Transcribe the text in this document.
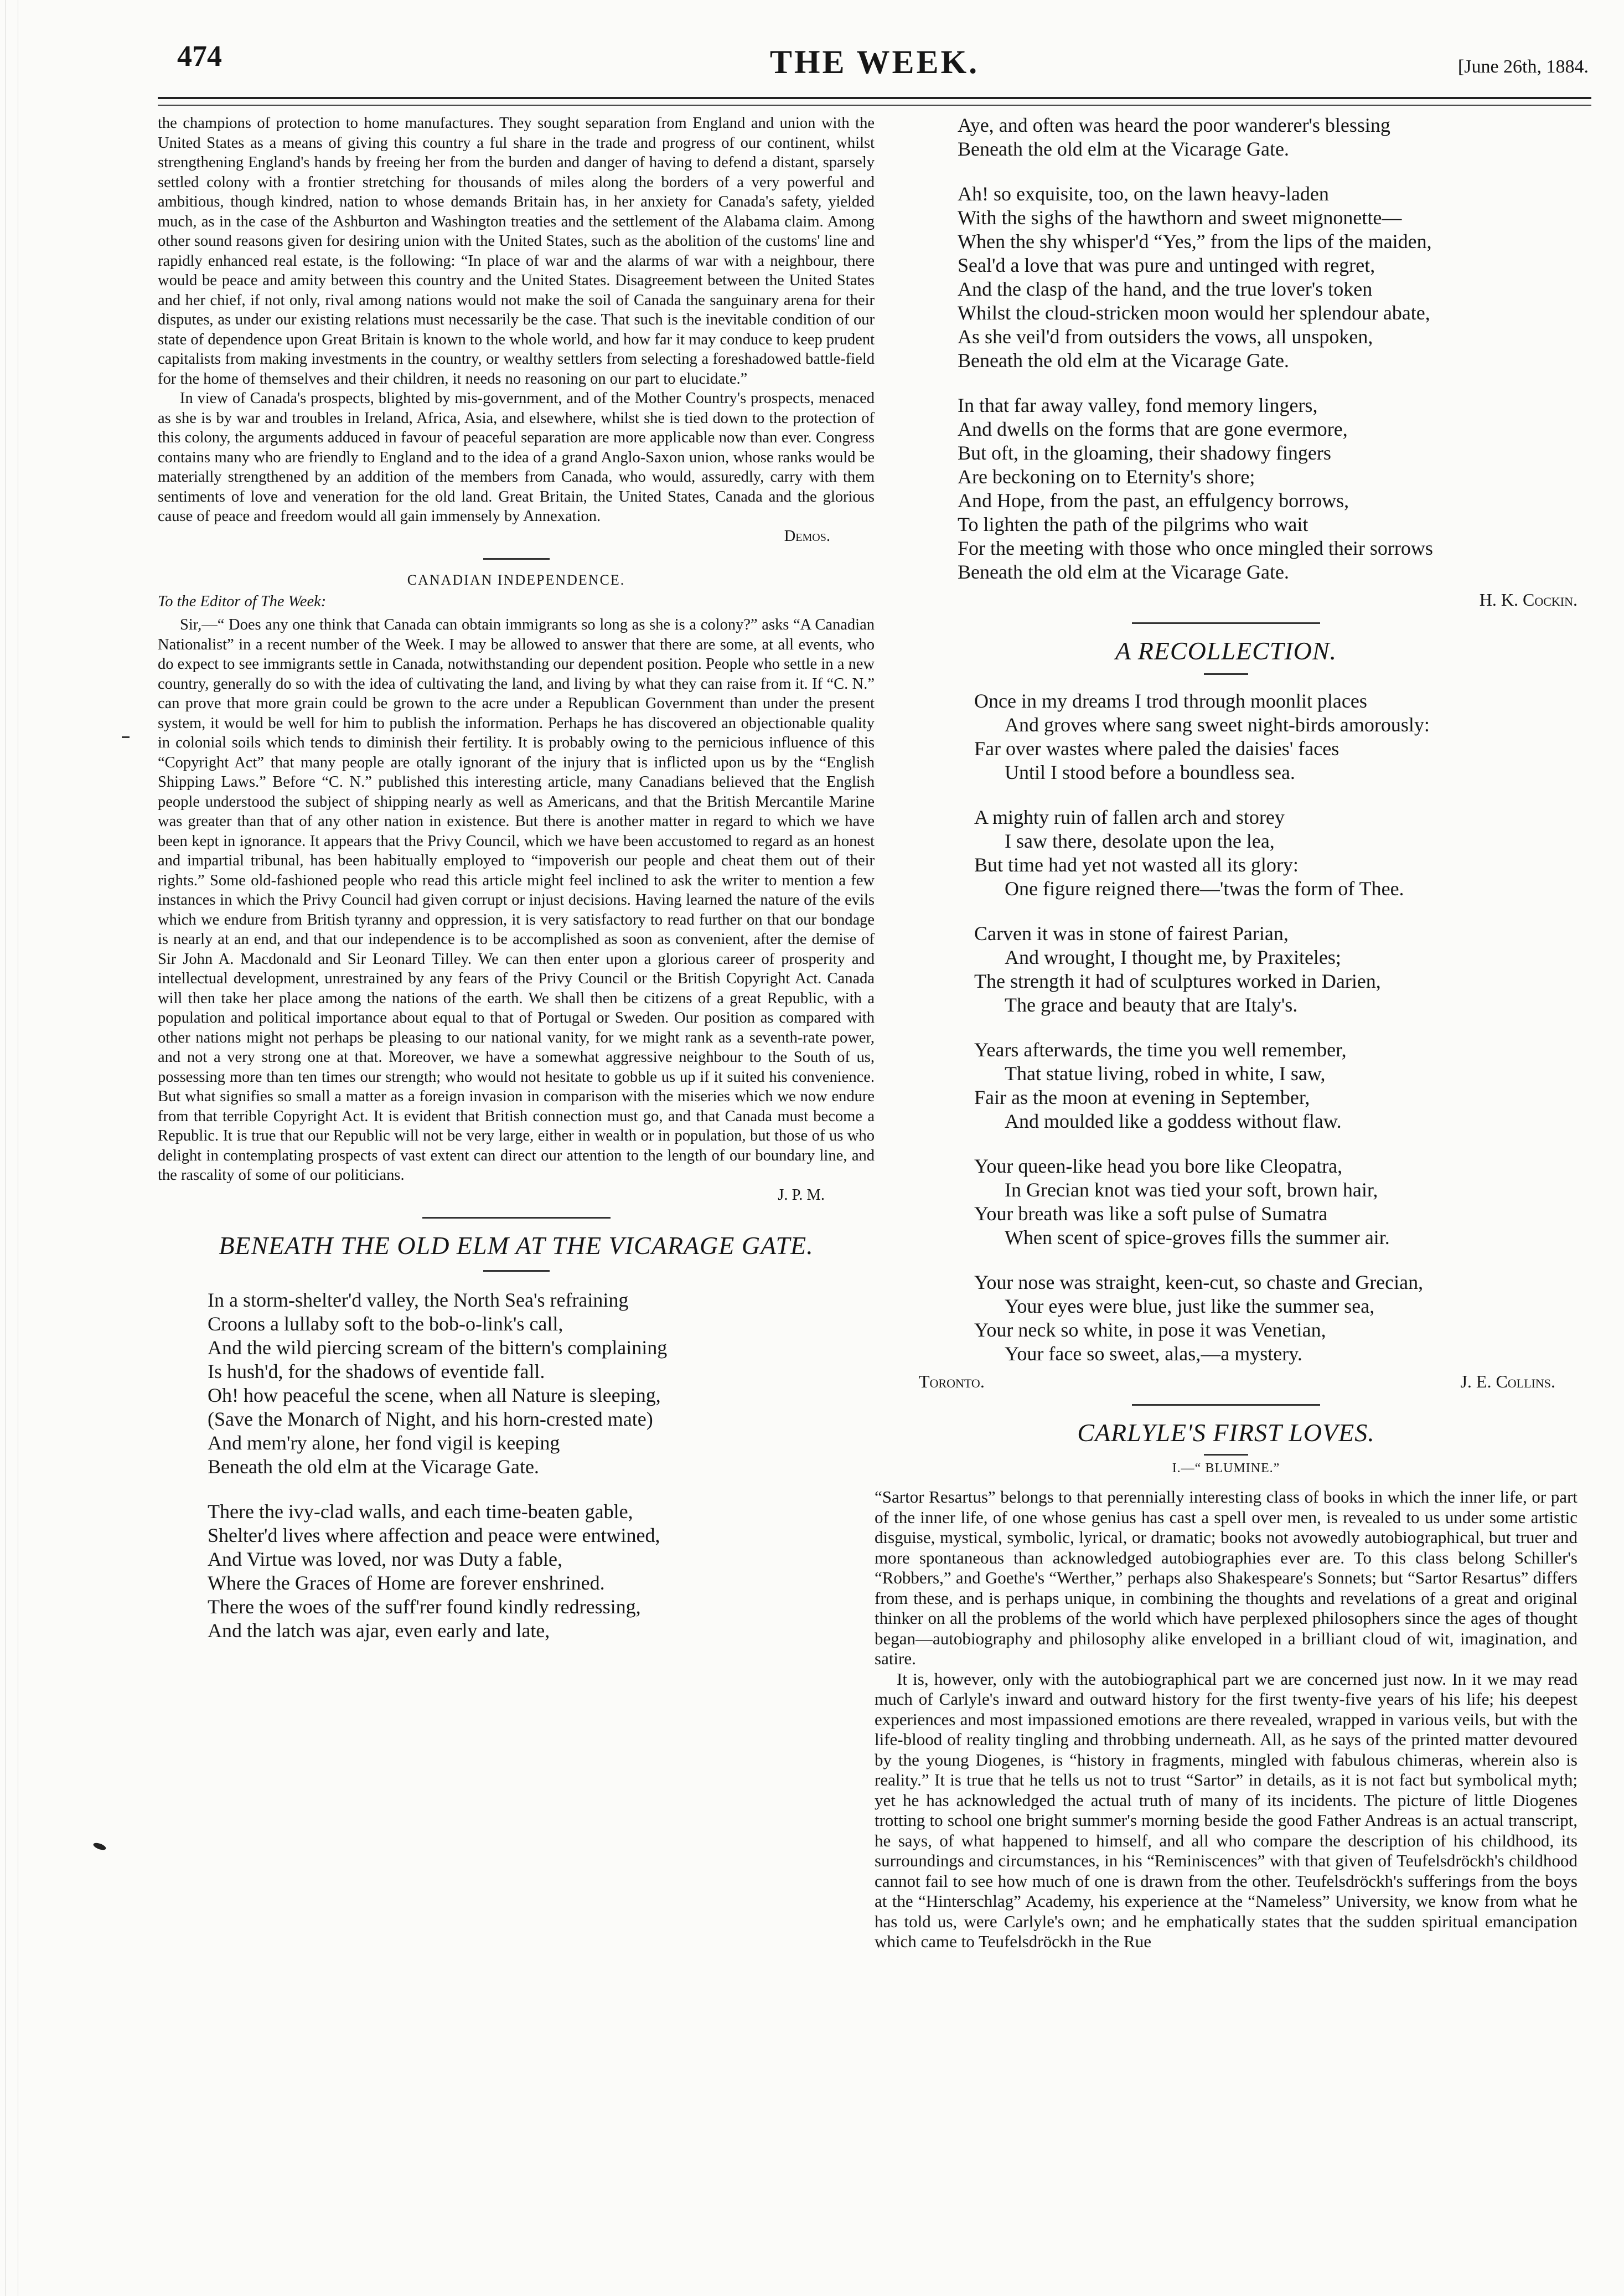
474	THE WEEK.	[June 26th, 1884.

the champions of protection to home manufactures. They sought separation from England and union with the United States as a means of giving this country a ful share in the trade and progress of our continent, whilst strengthening England's hands by freeing her from the burden and danger of having to defend a distant, sparsely settled colony with a frontier stretching for thousands of miles along the borders of a very powerful and ambitious, though kindred, nation to whose demands Britain has, in her anxiety for Canada's safety, yielded much, as in the case of the Ashburton and Washington treaties and the settlement of the Alabama claim. Among other sound reasons given for desiring union with the United States, such as the abolition of the customs' line and rapidly enhanced real estate, is the following: “In place of war and the alarms of war with a neighbour, there would be peace and amity between this country and the United States. Disagreement between the United States and her chief, if not only, rival among nations would not make the soil of Canada the sanguinary arena for their disputes, as under our existing relations must necessarily be the case. That such is the inevitable condition of our state of dependence upon Great Britain is known to the whole world, and how far it may conduce to keep prudent capitalists from making investments in the country, or wealthy settlers from selecting a foreshadowed battle-field for the home of themselves and their children, it needs no reasoning on our part to elucidate.”

In view of Canada's prospects, blighted by mis-government, and of the Mother Country's prospects, menaced as she is by war and troubles in Ireland, Africa, Asia, and elsewhere, whilst she is tied down to the protection of this colony, the arguments adduced in favour of peaceful separation are more applicable now than ever. Congress contains many who are friendly to England and to the idea of a grand Anglo-Saxon union, whose ranks would be materially strengthened by an addition of the members from Canada, who would, assuredly, carry with them sentiments of love and veneration for the old land. Great Britain, the United States, Canada and the glorious cause of peace and freedom would all gain immensely by Annexation.

Demos.
CANADIAN INDEPENDENCE.
To the Editor of The Week:

Sir,—“ Does any one think that Canada can obtain immigrants so long as she is a colony?” asks “A Canadian Nationalist” in a recent number of the Week. I may be allowed to answer that there are some, at all events, who do expect to see immigrants settle in Canada, notwithstanding our dependent position. People who settle in a new country, generally do so with the idea of cultivating the land, and living by what they can raise from it. If “C. N.” can prove that more grain could be grown to the acre under a Republican Government than under the present system, it would be well for him to publish the information. Perhaps he has discovered an objectionable quality in colonial soils which tends to diminish their fertility. It is probably owing to the pernicious influence of this “Copyright Act” that many people are otally ignorant of the injury that is inflicted upon us by the “English Shipping Laws.” Before “C. N.” published this interesting article, many Canadians believed that the English people understood the subject of shipping nearly as well as Americans, and that the British Mercantile Marine was greater than that of any other nation in existence. But there is another matter in regard to which we have been kept in ignorance. It appears that the Privy Council, which we have been accustomed to regard as an honest and impartial tribunal, has been habitually employed to “impoverish our people and cheat them out of their rights.” Some old-fashioned people who read this article might feel inclined to ask the writer to mention a few instances in which the Privy Council had given corrupt or injust decisions. Having learned the nature of the evils which we endure from British tyranny and oppression, it is very satisfactory to read further on that our bondage is nearly at an end, and that our independence is to be accomplished as soon as convenient, after the demise of Sir John A. Macdonald and Sir Leonard Tilley. We can then enter upon a glorious career of prosperity and intellectual development, unrestrained by any fears of the Privy Council or the British Copyright Act. Canada will then take her place among the nations of the earth. We shall then be citizens of a great Republic, with a population and political importance about equal to that of Portugal or Sweden. Our position as compared with other nations might not perhaps be pleasing to our national vanity, for we might rank as a seventh-rate power, and not a very strong one at that. Moreover, we have a somewhat aggressive neighbour to the South of us, possessing more than ten times our strength; who would not hesitate to gobble us up if it suited his convenience. But what signifies so small a matter as a foreign invasion in comparison with the miseries which we now endure from that terrible Copyright Act. It is evident that British connection must go, and that Canada must become a Republic. It is true that our Republic will not be very large, either in wealth or in population, but those of us who delight in contemplating prospects of vast extent can direct our attention to the length of our boundary line, and the rascality of some of our politicians.

J. P. M.
BENEATH THE OLD ELM AT THE VICARAGE GATE.
In a storm-shelter'd valley, the North Sea's refraining
Croons a lullaby soft to the bob-o-link's call,
And the wild piercing scream of the bittern's complaining
Is hush'd, for the shadows of eventide fall.
Oh! how peaceful the scene, when all Nature is sleeping,
(Save the Monarch of Night, and his horn-crested mate)
And mem'ry alone, her fond vigil is keeping
Beneath the old elm at the Vicarage Gate.
There the ivy-clad walls, and each time-beaten gable,
Shelter'd lives where affection and peace were entwined,
And Virtue was loved, nor was Duty a fable,
Where the Graces of Home are forever enshrined.
There the woes of the suff'rer found kindly redressing,
And the latch was ajar, even early and late,
Aye, and often was heard the poor wanderer's blessing
Beneath the old elm at the Vicarage Gate.
Ah! so exquisite, too, on the lawn heavy-laden
With the sighs of the hawthorn and sweet mignonette—
When the shy whisper'd “Yes,” from the lips of the maiden,
Seal'd a love that was pure and untinged with regret,
And the clasp of the hand, and the true lover's token
Whilst the cloud-stricken moon would her splendour abate,
As she veil'd from outsiders the vows, all unspoken,
Beneath the old elm at the Vicarage Gate.
In that far away valley, fond memory lingers,
And dwells on the forms that are gone evermore,
But oft, in the gloaming, their shadowy fingers
Are beckoning on to Eternity's shore;
And Hope, from the past, an effulgency borrows,
To lighten the path of the pilgrims who wait
For the meeting with those who once mingled their sorrows
Beneath the old elm at the Vicarage Gate.
H. K. Cockin.
A RECOLLECTION.
Once in my dreams I trod through moonlit places
And groves where sang sweet night-birds amorously:
Far over wastes where paled the daisies' faces
Until I stood before a boundless sea.
A mighty ruin of fallen arch and storey
I saw there, desolate upon the lea,
But time had yet not wasted all its glory:
One figure reigned there—'twas the form of Thee.
Carven it was in stone of fairest Parian,
And wrought, I thought me, by Praxiteles;
The strength it had of sculptures worked in Darien,
The grace and beauty that are Italy's.
Years afterwards, the time you well remember,
That statue living, robed in white, I saw,
Fair as the moon at evening in September,
And moulded like a goddess without flaw.
Your queen-like head you bore like Cleopatra,
In Grecian knot was tied your soft, brown hair,
Your breath was like a soft pulse of Sumatra
When scent of spice-groves fills the summer air.
Your nose was straight, keen-cut, so chaste and Grecian,
Your eyes were blue, just like the summer sea,
Your neck so white, in pose it was Venetian,
Your face so sweet, alas,—a mystery.
Toronto.	J. E. Collins.
CARLYLE'S FIRST LOVES.
I.—“ BLUMINE.”

“Sartor Resartus” belongs to that perennially interesting class of books in which the inner life, or part of the inner life, of one whose genius has cast a spell over men, is revealed to us under some artistic disguise, mystical, symbolic, lyrical, or dramatic; books not avowedly autobiographical, but truer and more spontaneous than acknowledged autobiographies ever are. To this class belong Schiller's “Robbers,” and Goethe's “Werther,” perhaps also Shakespeare's Sonnets; but “Sartor Resartus” differs from these, and is perhaps unique, in combining the thoughts and revelations of a great and original thinker on all the problems of the world which have perplexed philosophers since the ages of thought began—autobiography and philosophy alike enveloped in a brilliant cloud of wit, imagination, and satire.

It is, however, only with the autobiographical part we are concerned just now. In it we may read much of Carlyle's inward and outward history for the first twenty-five years of his life; his deepest experiences and most impassioned emotions are there revealed, wrapped in various veils, but with the life-blood of reality tingling and throbbing underneath. All, as he says of the printed matter devoured by the young Diogenes, is “history in fragments, mingled with fabulous chimeras, wherein also is reality.” It is true that he tells us not to trust “Sartor” in details, as it is not fact but symbolical myth; yet he has acknowledged the actual truth of many of its incidents. The picture of little Diogenes trotting to school one bright summer's morning beside the good Father Andreas is an actual transcript, he says, of what happened to himself, and all who compare the description of his childhood, its surroundings and circumstances, in his “Reminiscences” with that given of Teufelsdröckh's childhood cannot fail to see how much of one is drawn from the other. Teufelsdröckh's sufferings from the boys at the “Hinterschlag” Academy, his experience at the “Nameless” University, we know from what he has told us, were Carlyle's own; and he emphatically states that the sudden spiritual emancipation which came to Teufelsdröckh in the Rue
